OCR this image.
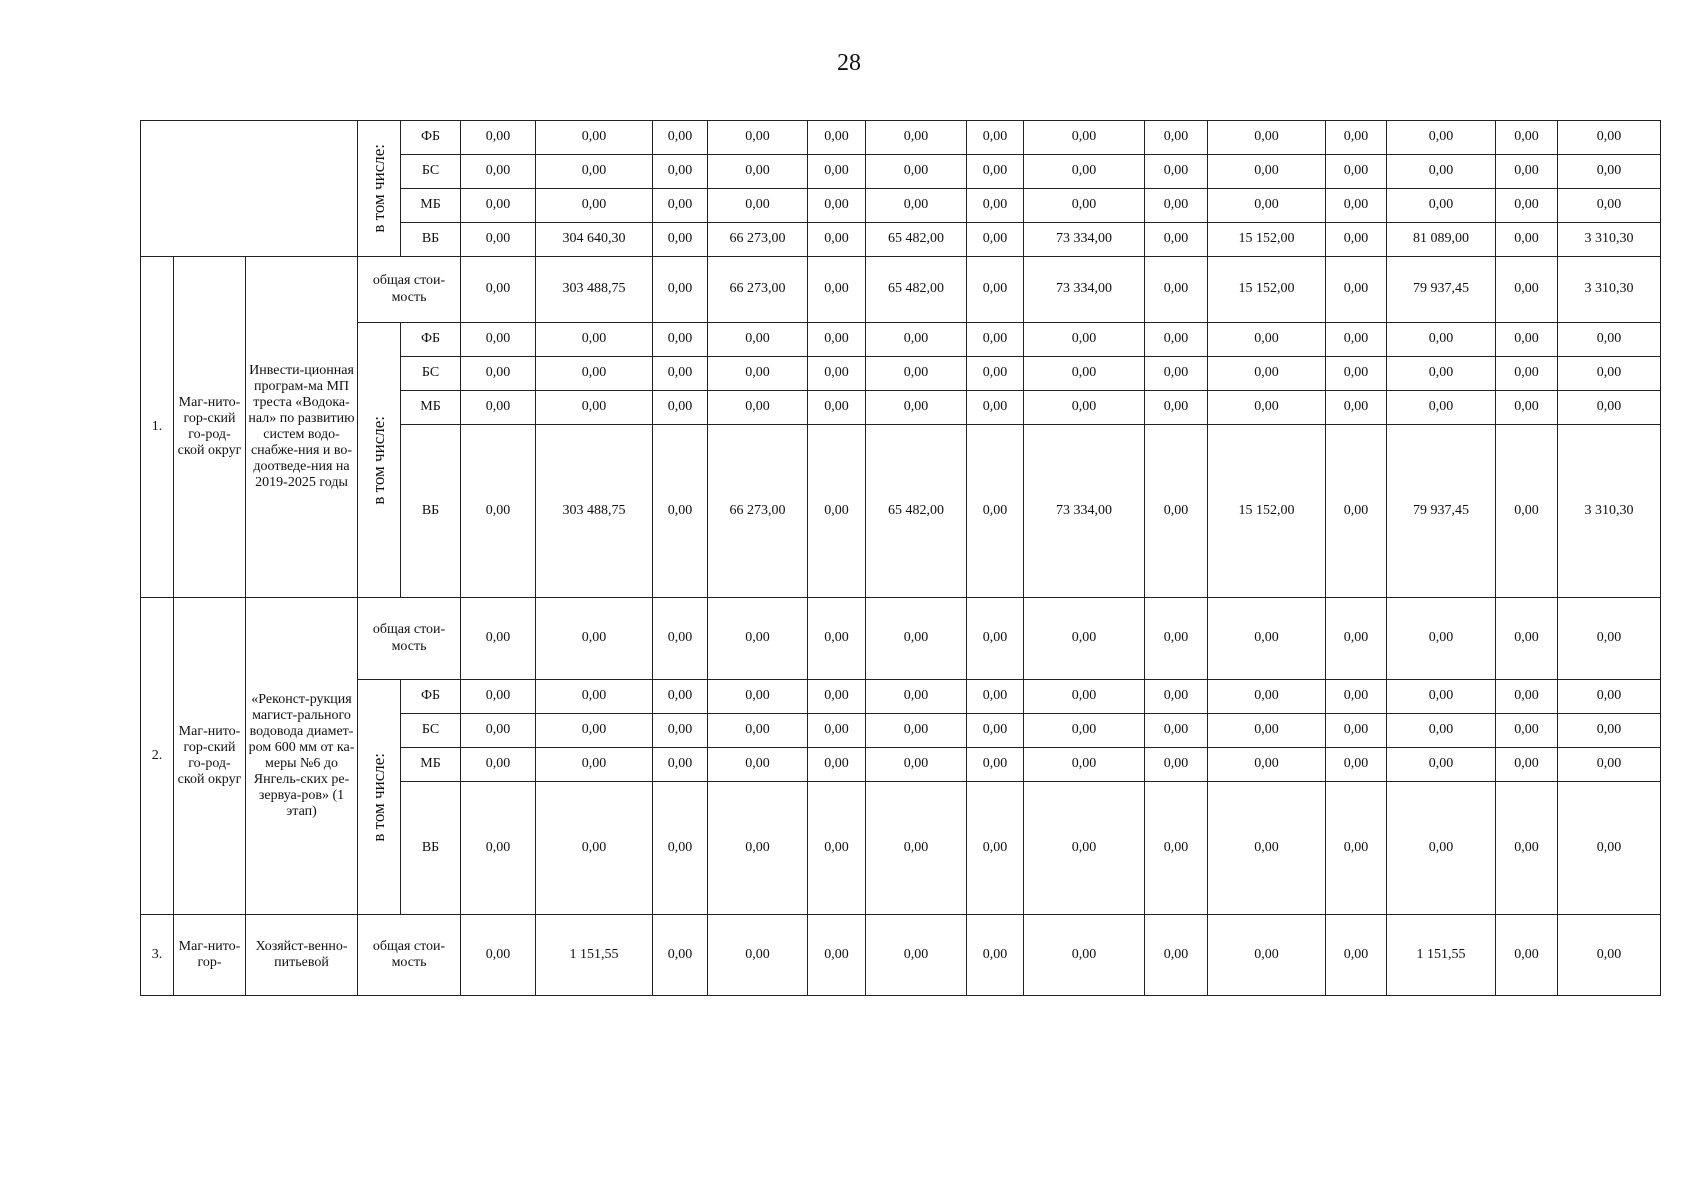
28

			в том числе:	ФБ	0,00	0,00	0,00	0,00	0,00	0,00	0,00	0,00	0,00	0,00	0,00	0,00	0,00	0,00
				БС	0,00	0,00	0,00	0,00	0,00	0,00	0,00	0,00	0,00	0,00	0,00	0,00	0,00	0,00
				МБ	0,00	0,00	0,00	0,00	0,00	0,00	0,00	0,00	0,00	0,00	0,00	0,00	0,00	0,00
				ВБ	0,00	304 640,30	0,00	66 273,00	0,00	65 482,00	0,00	73 334,00	0,00	15 152,00	0,00	81 089,00	0,00	3 310,30
1.	Маг-нито-гор-ский го-род-ской округ	Инвести-ционная програм-ма МП треста «Водока-нал» по развитию систем водо-снабже-ния и во-доотведе-ния на 2019-2025 годы	общая стои-мость		0,00	303 488,75	0,00	66 273,00	0,00	65 482,00	0,00	73 334,00	0,00	15 152,00	0,00	79 937,45	0,00	3 310,30

			в том числе:	ФБ	0,00	0,00	0,00	0,00	0,00	0,00	0,00	0,00	0,00	0,00	0,00	0,00	0,00	0,00
				БС	0,00	0,00	0,00	0,00	0,00	0,00	0,00	0,00	0,00	0,00	0,00	0,00	0,00	0,00
				МБ	0,00	0,00	0,00	0,00	0,00	0,00	0,00	0,00	0,00	0,00	0,00	0,00	0,00	0,00
				ВБ	0,00	303 488,75	0,00	66 273,00	0,00	65 482,00	0,00	73 334,00	0,00	15 152,00	0,00	79 937,45	0,00	3 310,30
2.	Маг-нито-гор-ский го-род-ской округ	«Реконст-рукция магист-рального водовода диамет-ром 600 мм от ка-меры №6 до Янгель-ских ре-зервуа-ров» (1 этап)	общая стои-мость		0,00	0,00	0,00	0,00	0,00	0,00	0,00	0,00	0,00	0,00	0,00	0,00	0,00	0,00

			в том числе:	ФБ	0,00	0,00	0,00	0,00	0,00	0,00	0,00	0,00	0,00	0,00	0,00	0,00	0,00	0,00
				БС	0,00	0,00	0,00	0,00	0,00	0,00	0,00	0,00	0,00	0,00	0,00	0,00	0,00	0,00
				МБ	0,00	0,00	0,00	0,00	0,00	0,00	0,00	0,00	0,00	0,00	0,00	0,00	0,00	0,00
				ВБ	0,00	0,00	0,00	0,00	0,00	0,00	0,00	0,00	0,00	0,00	0,00	0,00	0,00	0,00
3.	Маг-нито-гор-	Хозяйст-венно-питьевой	общая стои-мость		0,00	1 151,55	0,00	0,00	0,00	0,00	0,00	0,00	0,00	0,00	0,00	1 151,55	0,00	0,00
